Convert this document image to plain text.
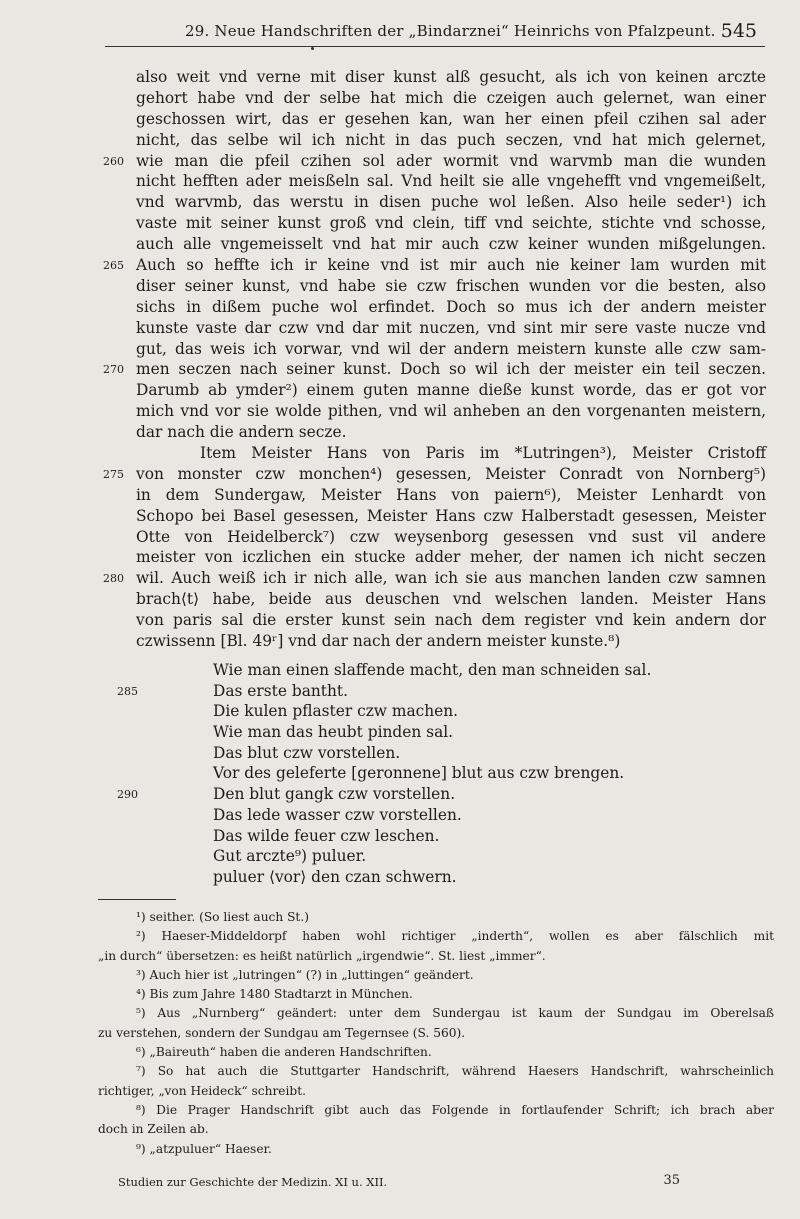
29. Neue Handschriften der „Bindarznei“ Heinrichs von Pfalzpeunt. 545
also weit vnd verne mit diser kunst alß gesucht, als ich von keinen arczte
gehort habe vnd der selbe hat mich die czeigen auch gelernet, wan einer
geschossen wirt, das er gesehen kan, wan her einen pfeil czihen sal ader
nicht, das selbe wil ich nicht in das puch seczen, vnd hat mich gelernet,
260 wie man die pfeil czihen sol ader wormit vnd warvmb man die wunden
nicht hefften ader meisßeln sal. Vnd heilt sie alle vngehefft vnd vngemeißelt,
vnd warvmb, das werstu in disen puche wol leßen. Also heile seder¹) ich
vaste mit seiner kunst groß vnd clein, tiff vnd seichte, stichte vnd schosse,
auch alle vngemeisselt vnd hat mir auch czw keiner wunden mißgelungen.
265 Auch so heffte ich ir keine vnd ist mir auch nie keiner lam wurden mit
diser seiner kunst, vnd habe sie czw frischen wunden vor die besten, also
sichs in dißem puche wol erfindet. Doch so mus ich der andern meister
kunste vaste dar czw vnd dar mit nuczen, vnd sint mir sere vaste nucze vnd
gut, das weis ich vorwar, vnd wil der andern meistern kunste alle czw sam-
270 men seczen nach seiner kunst. Doch so wil ich der meister ein teil seczen.
Darumb ab ymder²) einem guten manne dieße kunst worde, das er got vor
mich vnd vor sie wolde pithen, vnd wil anheben an den vorgenanten meistern,
dar nach die andern secze.
Item Meister Hans von Paris im *Lutringen³), Meister Cristoff
275 von monster czw monchen⁴) gesessen, Meister Conradt von Nornberg⁵)
in dem Sundergaw, Meister Hans von paiern⁶), Meister Lenhardt von
Schopo bei Basel gesessen, Meister Hans czw Halberstadt gesessen, Meister
Otte von Heidelberck⁷) czw weysenborg gesessen vnd sust vil andere
meister von iczlichen ein stucke adder meher, der namen ich nicht seczen
280 wil. Auch weiß ich ir nich alle, wan ich sie aus manchen landen czw samnen
brach⟨t⟩ habe, beide aus deuschen vnd welschen landen. Meister Hans
von paris sal die erster kunst sein nach dem register vnd kein andern dor
czwissenn [Bl. 49ʳ] vnd dar nach der andern meister kunste.⁸)
Wie man einen slaffende macht, den man schneiden sal.
285	Das erste bantht.
Die kulen pflaster czw machen.
Wie man das heubt pinden sal.
Das blut czw vorstellen.
Vor des geleferte [geronnene] blut aus czw brengen.
290	Den blut gangk czw vorstellen.
Das lede wasser czw vorstellen.
Das wilde feuer czw leschen.
Gut arczte⁹) puluer.
puluer ⟨vor⟩ den czan schwern.
¹) seither. (So liest auch St.)
²) Haeser-Middeldorpf haben wohl richtiger „inderth“, wollen es aber fälschlich mit
„in durch“ übersetzen: es heißt natürlich „irgendwie“. St. liest „immer“.
³) Auch hier ist „lutringen“ (?) in „luttingen“ geändert.
⁴) Bis zum Jahre 1480 Stadtarzt in München.
⁵) Aus „Nurnberg“ geändert: unter dem Sundergau ist kaum der Sundgau im Oberelsaß
zu verstehen, sondern der Sundgau am Tegernsee (S. 560).
⁶) „Baireuth“ haben die anderen Handschriften.
⁷) So hat auch die Stuttgarter Handschrift, während Haesers Handschrift, wahrscheinlich
richtiger, „von Heideck“ schreibt.
⁸) Die Prager Handschrift gibt auch das Folgende in fortlaufender Schrift; ich brach aber
doch in Zeilen ab.
⁹) „atzpuluer“ Haeser.
Studien zur Geschichte der Medizin. XI u. XII.	35
